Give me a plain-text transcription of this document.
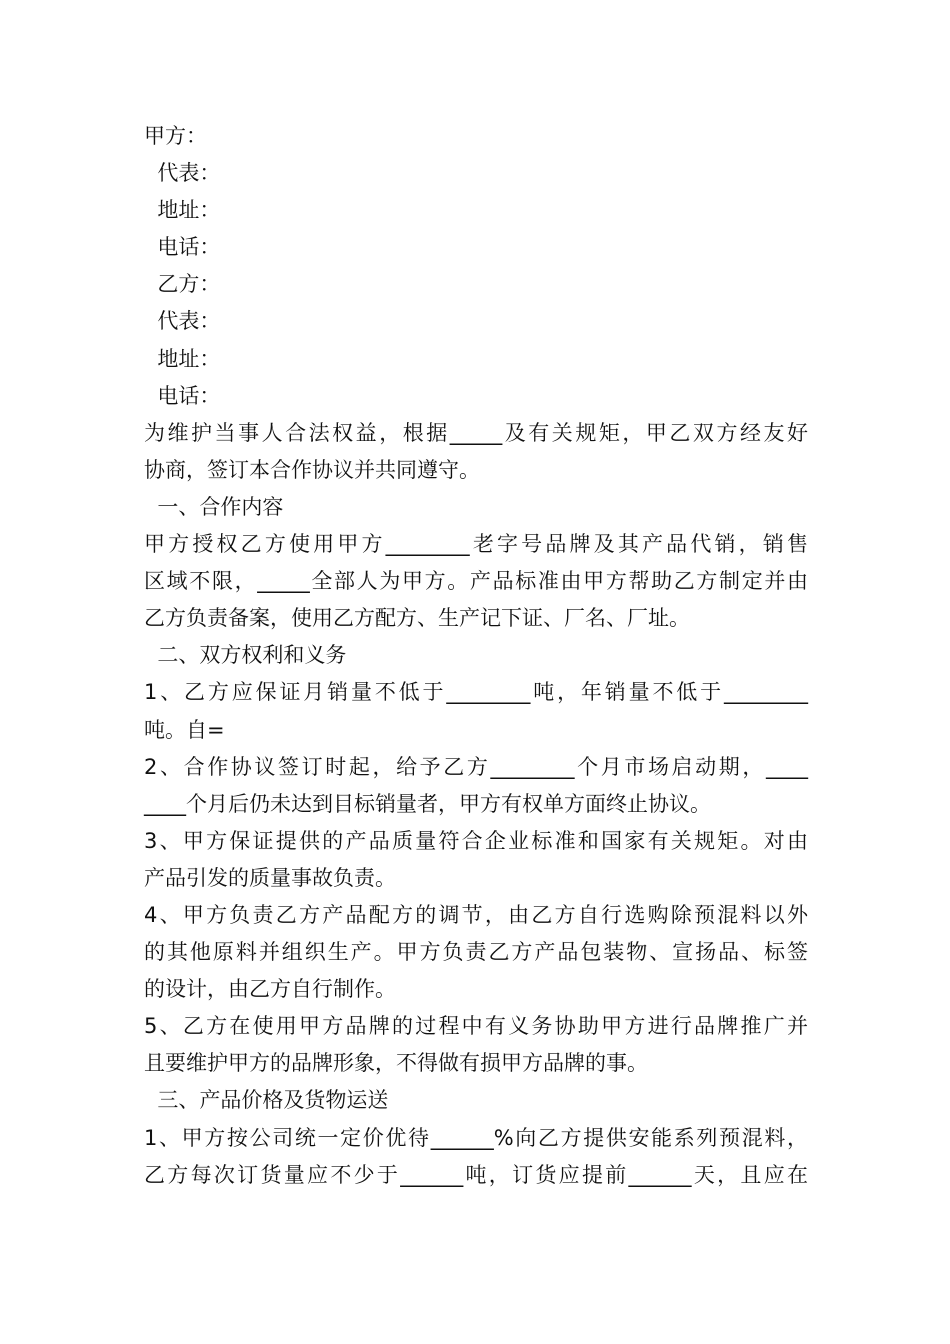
甲方：
代表：
地址：
电话：
乙方：
代表：
地址：
电话：
为维护当事人合法权益，根据_____及有关规矩，甲乙双方经友好
协商，签订本合作协议并共同遵守。
一、合作内容
甲方授权乙方使用甲方________老字号品牌及其产品代销，销售
区域不限，_____全部人为甲方。产品标准由甲方帮助乙方制定并由
乙方负责备案，使用乙方配方、生产记下证、厂名、厂址。
二、双方权利和义务
1、乙方应保证月销量不低于________吨，年销量不低于________
吨。自=
2、合作协议签订时起，给予乙方________个月市场启动期，____
____个月后仍未达到目标销量者，甲方有权单方面终止协议。
3、甲方保证提供的产品质量符合企业标准和国家有关规矩。对由
产品引发的质量事故负责。
4、甲方负责乙方产品配方的调节，由乙方自行选购除预混料以外
的其他原料并组织生产。甲方负责乙方产品包装物、宣扬品、标签
的设计，由乙方自行制作。
5、乙方在使用甲方品牌的过程中有义务协助甲方进行品牌推广并
且要维护甲方的品牌形象，不得做有损甲方品牌的事。
三、产品价格及货物运送
1、甲方按公司统一定价优待______%向乙方提供安能系列预混料，
乙方每次订货量应不少于______吨，订货应提前______天，且应在
